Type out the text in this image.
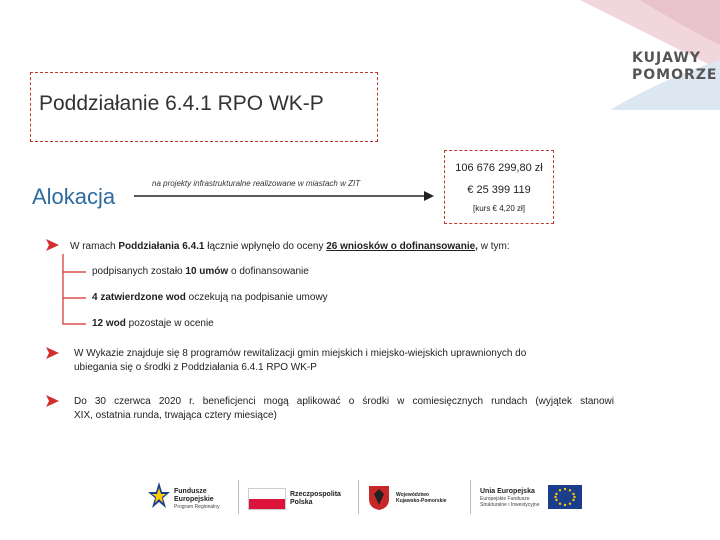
KUJAWY
POMORZE
Poddziałanie 6.4.1 RPO WK-P
Alokacja
na projekty infrastrukturalne realizowane w miastach w ZIT
106 676 299,80 zł
€ 25 399 119
[kurs € 4,20 zł]
W ramach Poddziałania 6.4.1 łącznie wpłynęło do oceny 26 wniosków o dofinansowanie, w tym:
podpisanych zostało 10 umów o dofinansowanie
4 zatwierdzone wod oczekują na podpisanie umowy
12 wod pozostaje w ocenie
W Wykazie znajduje się 8 programów rewitalizacji gmin miejskich i miejsko-wiejskich uprawnionych do
ubiegania się o środki z Poddziałania 6.4.1 RPO WK-P
Do 30 czerwca 2020 r. beneficjenci mogą aplikować o środki w comiesięcznych rundach (wyjątek stanowi
XIX, ostatnia runda, trwająca cztery miesiące)
Fundusze
Europejskie
Program Regionalny
Rzeczpospolita
Polska
Województwo
Kujawsko-Pomorskie
Unia Europejska
Europejskie Fundusze
Strukturalne i Inwestycyjne
